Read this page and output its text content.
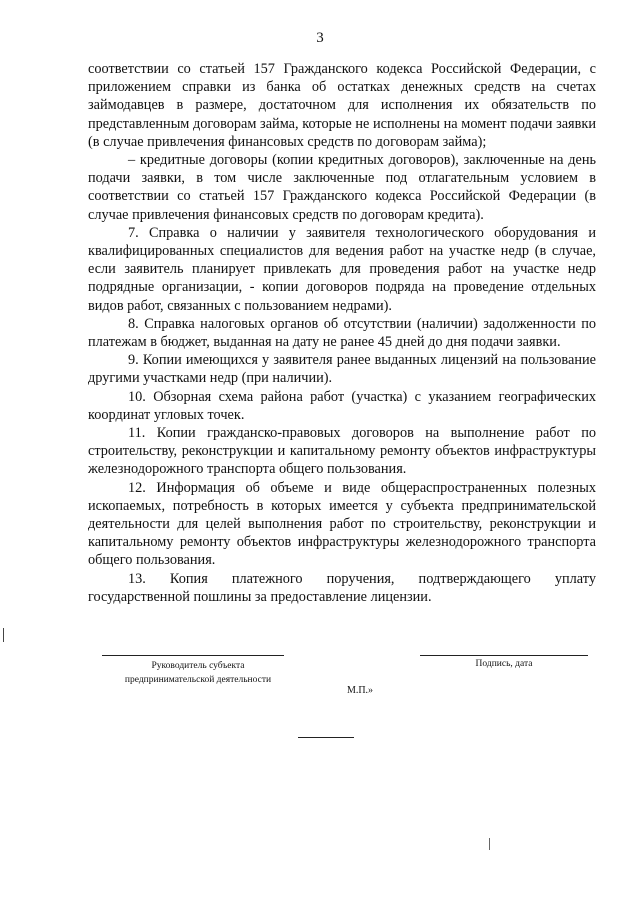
3

соответствии со статьей 157 Гражданского кодекса Российской Федерации, с приложением справки из банка об остатках денежных средств на счетах займодавцев в размере, достаточном для исполнения их обязательств по представленным договорам займа, которые не исполнены на момент подачи заявки (в случае привлечения финансовых средств по договорам займа);

– кредитные договоры (копии кредитных договоров), заключенные на день подачи заявки, в том числе заключенные под отлагательным условием в соответствии со статьей 157 Гражданского кодекса Российской Федерации (в случае привлечения финансовых средств по договорам кредита).

7. Справка о наличии у заявителя технологического оборудования и квалифицированных специалистов для ведения работ на участке недр (в случае, если заявитель планирует привлекать для проведения работ на участке недр подрядные организации, - копии договоров подряда на проведение отдельных видов работ, связанных с пользованием недрами).

8. Справка налоговых органов об отсутствии (наличии) задолженности по платежам в бюджет, выданная на дату не ранее 45 дней до дня подачи заявки.

9. Копии имеющихся у заявителя ранее выданных лицензий на пользование другими участками недр (при наличии).

10. Обзорная схема района работ (участка) с указанием географических координат угловых точек.

11. Копии гражданско-правовых договоров на выполнение работ по строительству, реконструкции и капитальному ремонту объектов инфраструктуры железнодорожного транспорта общего пользования.

12. Информация об объеме и виде общераспространенных полезных ископаемых, потребность в которых имеется у субъекта предпринимательской деятельности для целей выполнения работ по строительству, реконструкции и капитальному ремонту объектов инфраструктуры железнодорожного транспорта общего пользования.

13. Копия платежного поручения, подтверждающего уплату государственной пошлины за предоставление лицензии.

Руководитель субъекта
предпринимательской деятельности
Подпись, дата
М.П.»
